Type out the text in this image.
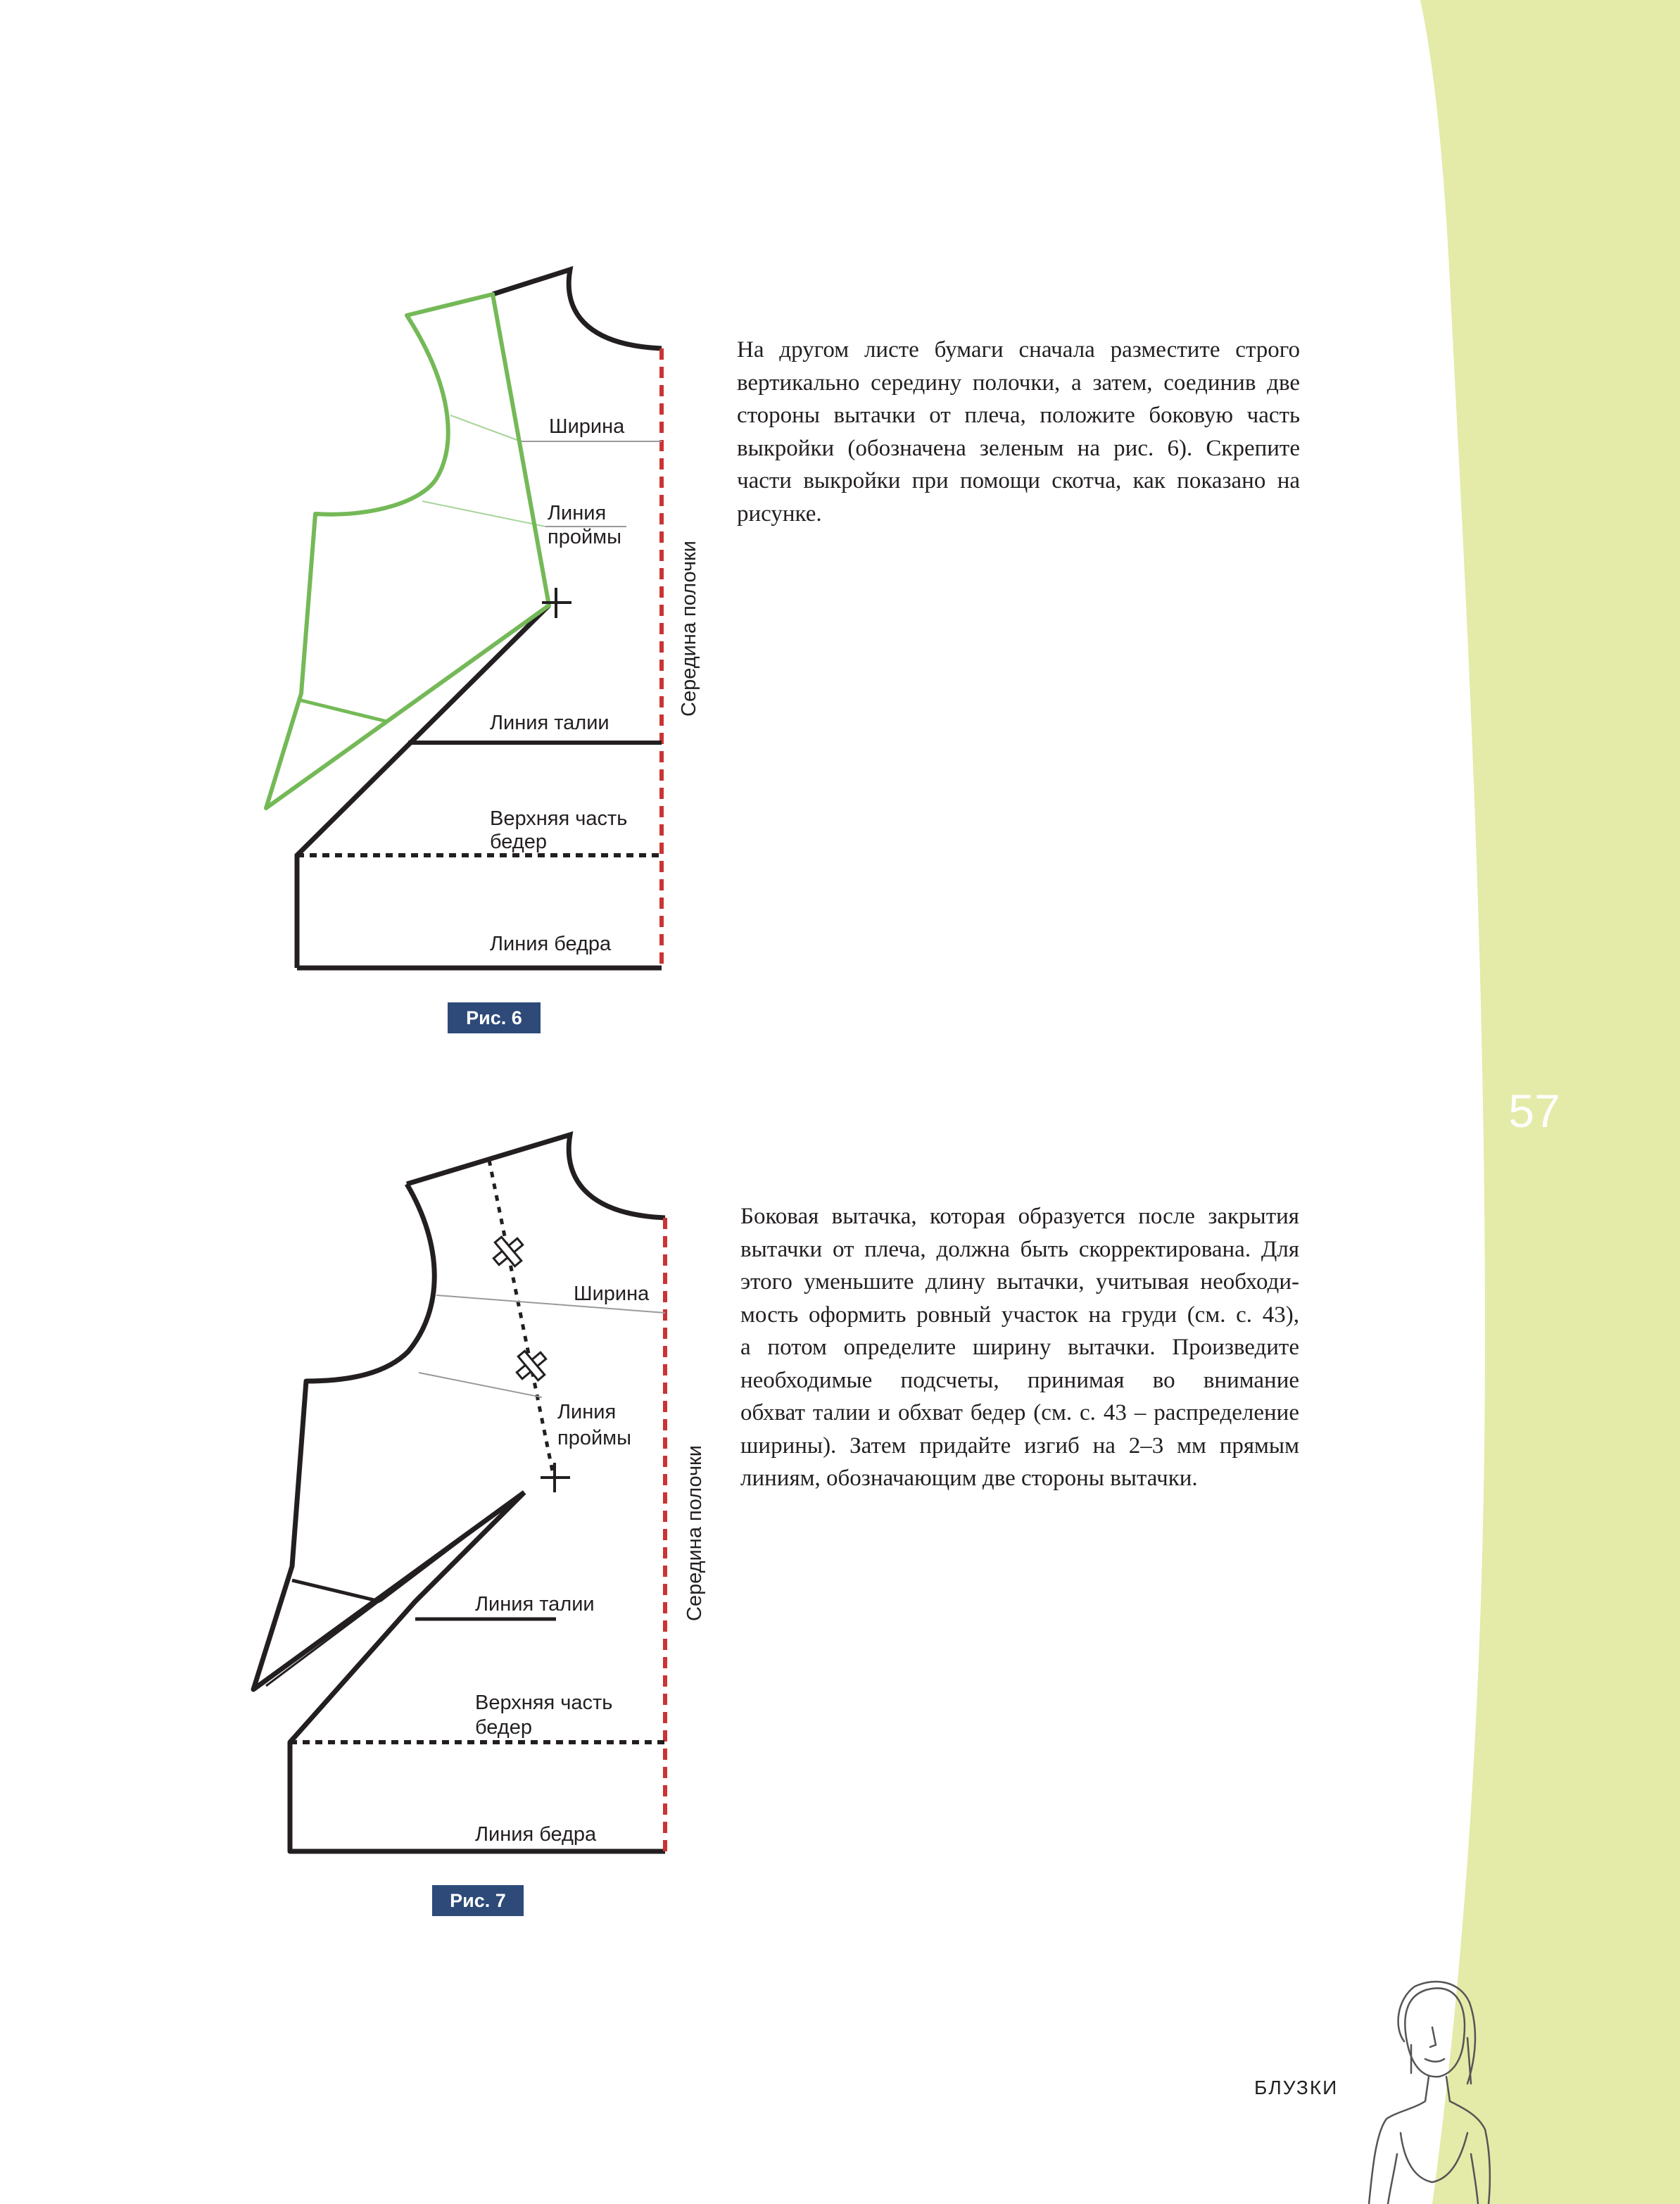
Ширина
Линия
проймы
Линия талии
Верхняя часть
бедер
Линия бедра
Середина полочки
Ширина
Линия
проймы
Линия талии
Верхняя часть
бедер
Линия бедра
Середина полочки
Рис. 6
Рис. 7

На другом листе бумаги сначала разместите строго
вертикально середину полочки, а затем, соединив две
стороны вытачки от плеча, положите боковую часть
выкройки (обозначена зеленым на рис. 6). Скрепите
части выкройки при помощи скотча, как показано на
рисунке.

Боковая вытачка, которая образуется после закрытия
вытачки от плеча, должна быть скорректирована. Для
этого уменьшите длину вытачки, учитывая необходи-
мость оформить ровный участок на груди (см. с. 43),
а потом определите ширину вытачки. Произведите
необходимые подсчеты, принимая во внимание
обхват талии и обхват бедер (см. с. 43 – распределение
ширины). Затем придайте изгиб на 2–3 мм прямым
линиям, обозначающим две стороны вытачки.

57
БЛУЗКИ
